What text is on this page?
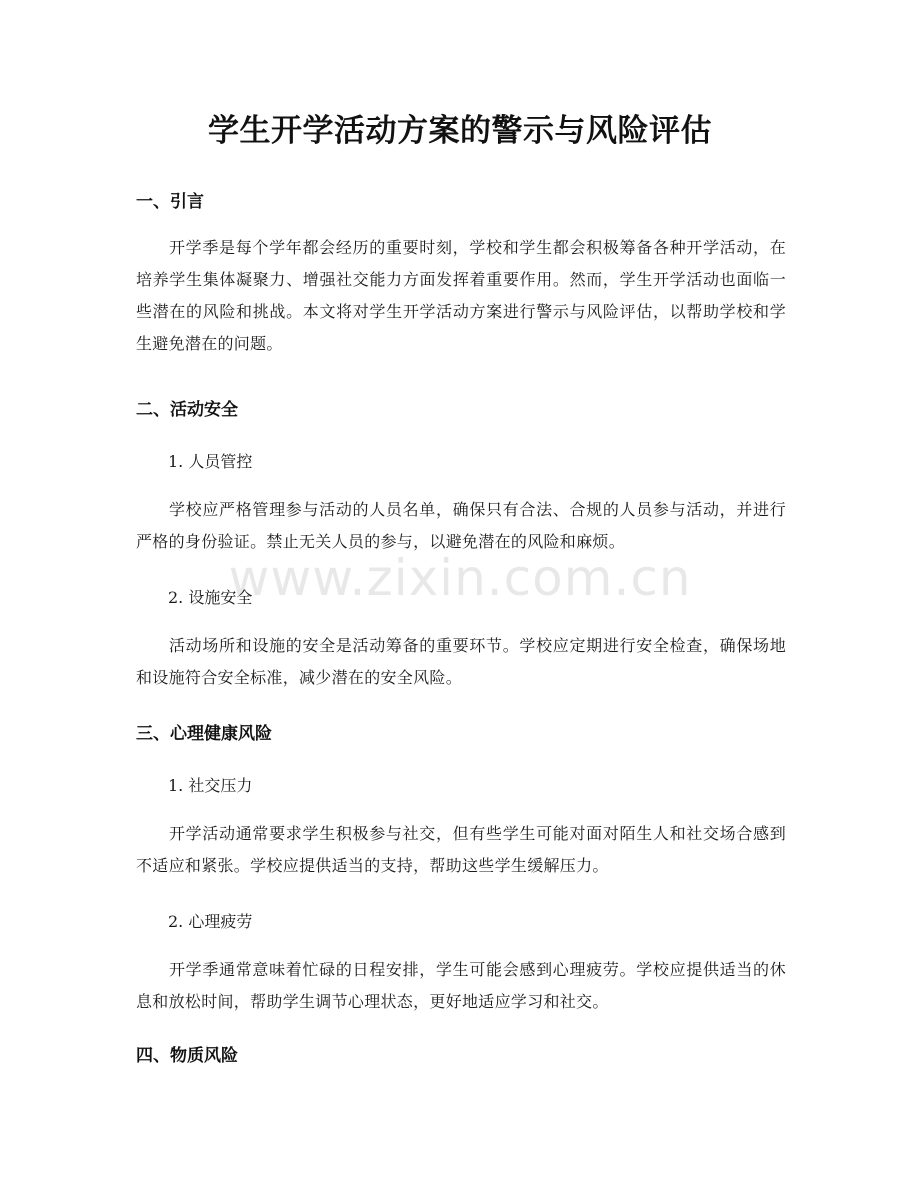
学生开学活动方案的警示与风险评估
一、引言
开学季是每个学年都会经历的重要时刻，学校和学生都会积极筹备各种开学活动，在培养学生集体凝聚力、增强社交能力方面发挥着重要作用。然而，学生开学活动也面临一些潜在的风险和挑战。本文将对学生开学活动方案进行警示与风险评估，以帮助学校和学生避免潜在的问题。
二、活动安全
1. 人员管控
学校应严格管理参与活动的人员名单，确保只有合法、合规的人员参与活动，并进行严格的身份验证。禁止无关人员的参与，以避免潜在的风险和麻烦。
2. 设施安全
活动场所和设施的安全是活动筹备的重要环节。学校应定期进行安全检查，确保场地和设施符合安全标准，减少潜在的安全风险。
三、心理健康风险
1. 社交压力
开学活动通常要求学生积极参与社交，但有些学生可能对面对陌生人和社交场合感到不适应和紧张。学校应提供适当的支持，帮助这些学生缓解压力。
2. 心理疲劳
开学季通常意味着忙碌的日程安排，学生可能会感到心理疲劳。学校应提供适当的休息和放松时间，帮助学生调节心理状态，更好地适应学习和社交。
四、物质风险
www.zixin.com.cn
